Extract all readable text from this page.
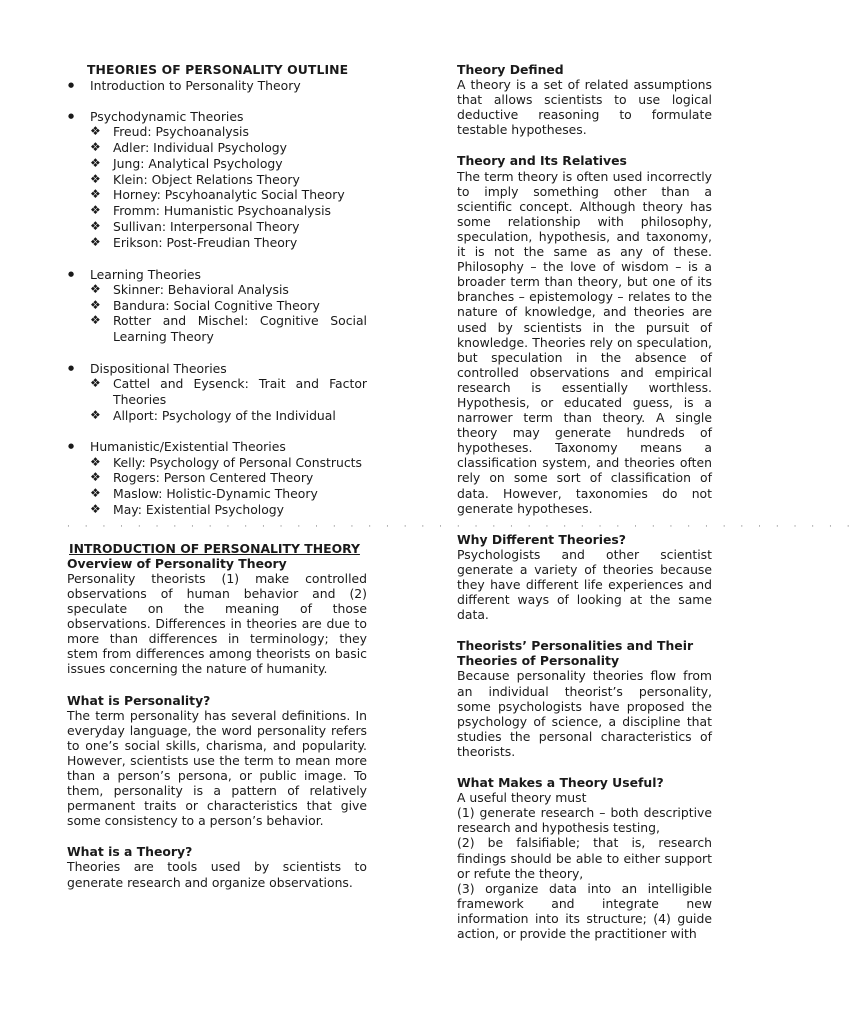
THEORIES OF PERSONALITY OUTLINE
● Introduction to Personality Theory
● Psychodynamic Theories
❖ Freud: Psychoanalysis
❖ Adler: Individual Psychology
❖ Jung: Analytical Psychology
❖ Klein: Object Relations Theory
❖ Horney: Pscyhoanalytic Social Theory
❖ Fromm: Humanistic Psychoanalysis
❖ Sullivan: Interpersonal Theory
❖ Erikson: Post-Freudian Theory
● Learning Theories
❖ Skinner: Behavioral Analysis
❖ Bandura: Social Cognitive Theory
❖ Rotter and Mischel: Cognitive Social Learning Theory
● Dispositional Theories
❖ Cattel and Eysenck: Trait and Factor Theories
❖ Allport: Psychology of the Individual
● Humanistic/Existential Theories
❖ Kelly: Psychology of Personal Constructs
❖ Rogers: Person Centered Theory
❖ Maslow: Holistic-Dynamic Theory
❖ May: Existential Psychology
· · · · · · · · · · · · · · · · · · · · · · · · · · · · · · · · · · · · · · · · · · · · ·
INTRODUCTION OF PERSONALITY THEORY
Overview of Personality Theory

Personality theorists (1) make controlled observations of human behavior and (2) speculate on the meaning of those observations. Differences in theories are due to more than differences in terminology; they stem from differences among theorists on basic issues concerning the nature of humanity.

What is Personality?

The term personality has several definitions. In everyday language, the word personality refers to one’s social skills, charisma, and popularity. However, scientists use the term to mean more than a person’s persona, or public image. To them, personality is a pattern of relatively permanent traits or characteristics that give some consistency to a person’s behavior.

What is a Theory?

Theories are tools used by scientists to generate research and organize observations.

Theory Defined

A theory is a set of related assumptions that allows scientists to use logical deductive reasoning to formulate testable hypotheses.

Theory and Its Relatives

The term theory is often used incorrectly to imply something other than a scientific concept. Although theory has some relationship with philosophy, speculation, hypothesis, and taxonomy, it is not the same as any of these. Philosophy – the love of wisdom – is a broader term than theory, but one of its branches – epistemology – relates to the nature of knowledge, and theories are used by scientists in the pursuit of knowledge. Theories rely on speculation, but speculation in the absence of controlled observations and empirical research is essentially worthless. Hypothesis, or educated guess, is a narrower term than theory. A single theory may generate hundreds of hypotheses. Taxonomy means a classification system, and theories often rely on some sort of classification of data. However, taxonomies do not generate hypotheses.

Why Different Theories?

Psychologists and other scientist generate a variety of theories because they have different life experiences and different ways of looking at the same data.

Theorists’ Personalities and Their Theories of Personality

Because personality theories flow from an individual theorist’s personality, some psychologists have proposed the psychology of science, a discipline that studies the personal characteristics of theorists.

What Makes a Theory Useful?

A useful theory must

(1) generate research – both descriptive research and hypothesis testing,

(2) be falsifiable; that is, research findings should be able to either support or refute the theory,

(3) organize data into an intelligible framework and integrate new information into its structure; (4) guide action, or provide the practitioner with
